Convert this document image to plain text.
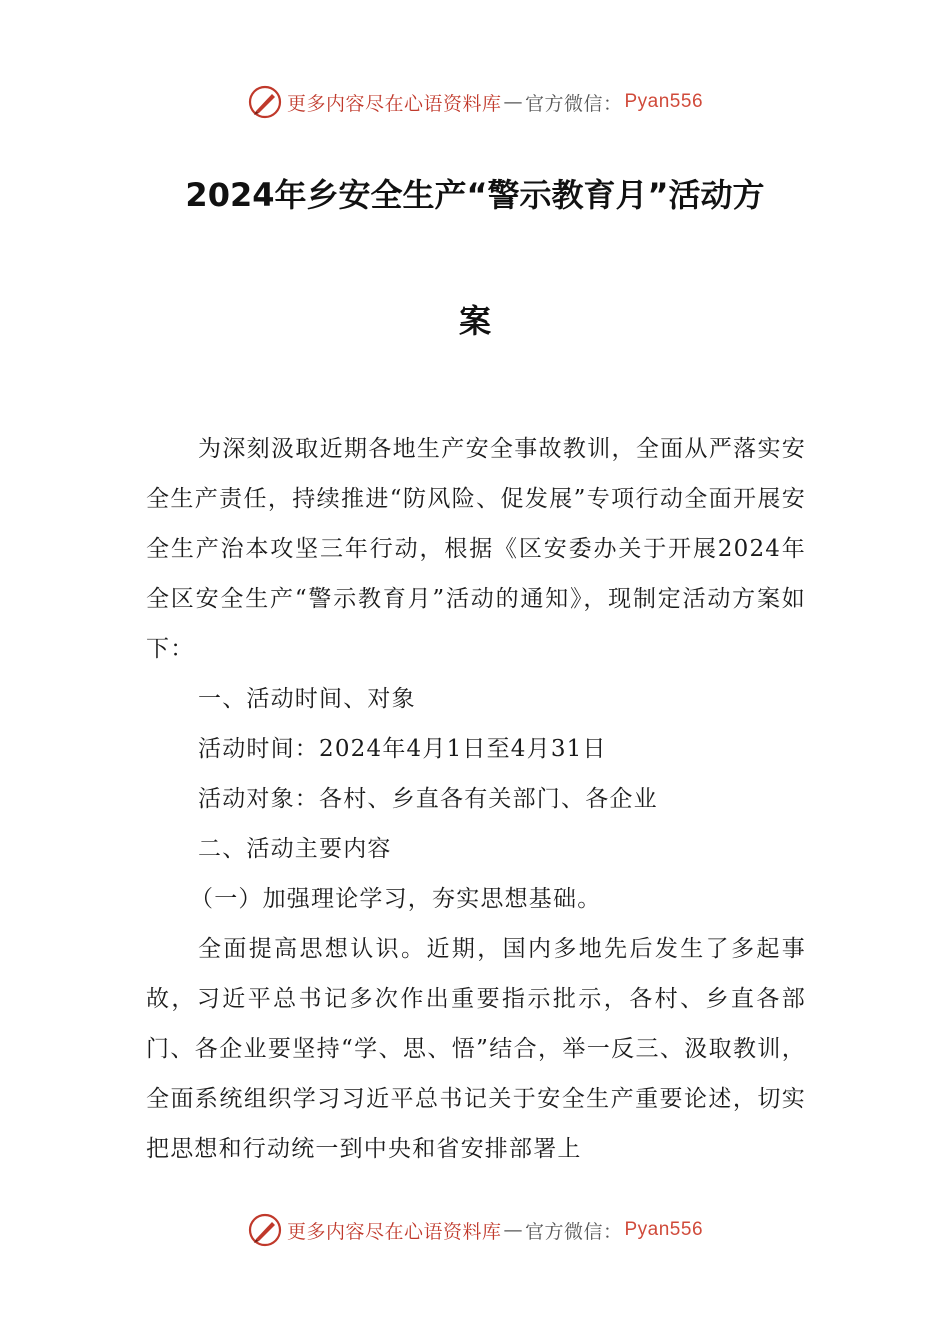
更多内容尽在心语资料库 — 官方微信： Pyan556
2024年乡安全生产“警示教育月”活动方
案

为深刻汲取近期各地生产安全事故教训，全面从严落实安全生产责任，持续推进“防风险、促发展”专项行动全面开展安全生产治本攻坚三年行动，根据《区安委办关于开展2024年全区安全生产“警示教育月”活动的通知》，现制定活动方案如下：

一、活动时间、对象

活动时间：2024年4月1日至4月31日

活动对象：各村、乡直各有关部门、各企业

二、活动主要内容

（一）加强理论学习，夯实思想基础。

全面提高思想认识。近期，国内多地先后发生了多起事故，习近平总书记多次作出重要指示批示，各村、乡直各部门、各企业要坚持“学、思、悟”结合，举一反三、汲取教训，全面系统组织学习习近平总书记关于安全生产重要论述，切实把思想和行动统一到中央和省安排部署上

更多内容尽在心语资料库 — 官方微信： Pyan556
